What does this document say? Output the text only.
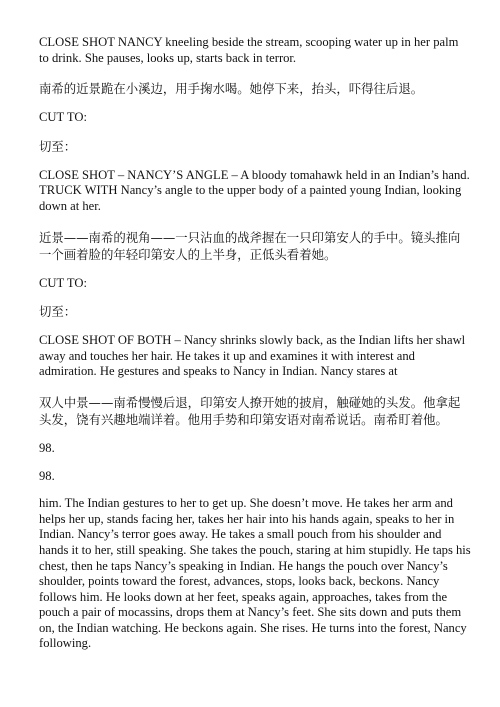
CLOSE SHOT NANCY kneeling beside the stream, scooping water up in her palm to drink. She pauses, looks up, starts back in terror.

南希的近景跪在小溪边，用手掬水喝。她停下来，抬头，吓得往后退。

CUT TO:

切至：

CLOSE SHOT – NANCY’S ANGLE – A bloody tomahawk held in an Indian’s hand. TRUCK WITH Nancy’s angle to the upper body of a painted young Indian, looking down at her.

近景——南希的视角——一只沾血的战斧握在一只印第安人的手中。镜头推向一个画着脸的年轻印第安人的上半身，正低头看着她。

CUT TO:

切至：

CLOSE SHOT OF BOTH – Nancy shrinks slowly back, as the Indian lifts her shawl away and touches her hair. He takes it up and examines it with interest and admiration. He gestures and speaks to Nancy in Indian. Nancy stares at

双人中景——南希慢慢后退，印第安人撩开她的披肩，触碰她的头发。他拿起头发，饶有兴趣地端详着。他用手势和印第安语对南希说话。南希盯着他。

98.

98.

him. The Indian gestures to her to get up. She doesn’t move. He takes her arm and helps her up, stands facing her, takes her hair into his hands again, speaks to her in Indian. Nancy’s terror goes away. He takes a small pouch from his shoulder and hands it to her, still speaking. She takes the pouch, staring at him stupidly. He taps his chest, then he taps Nancy’s speaking in Indian. He hangs the pouch over Nancy’s shoulder, points toward the forest, advances, stops, looks back, beckons. Nancy follows him. He looks down at her feet, speaks again, approaches, takes from the pouch a pair of mocassins, drops them at Nancy’s feet. She sits down and puts them on, the Indian watching. He beckons again. She rises. He turns into the forest, Nancy following.
